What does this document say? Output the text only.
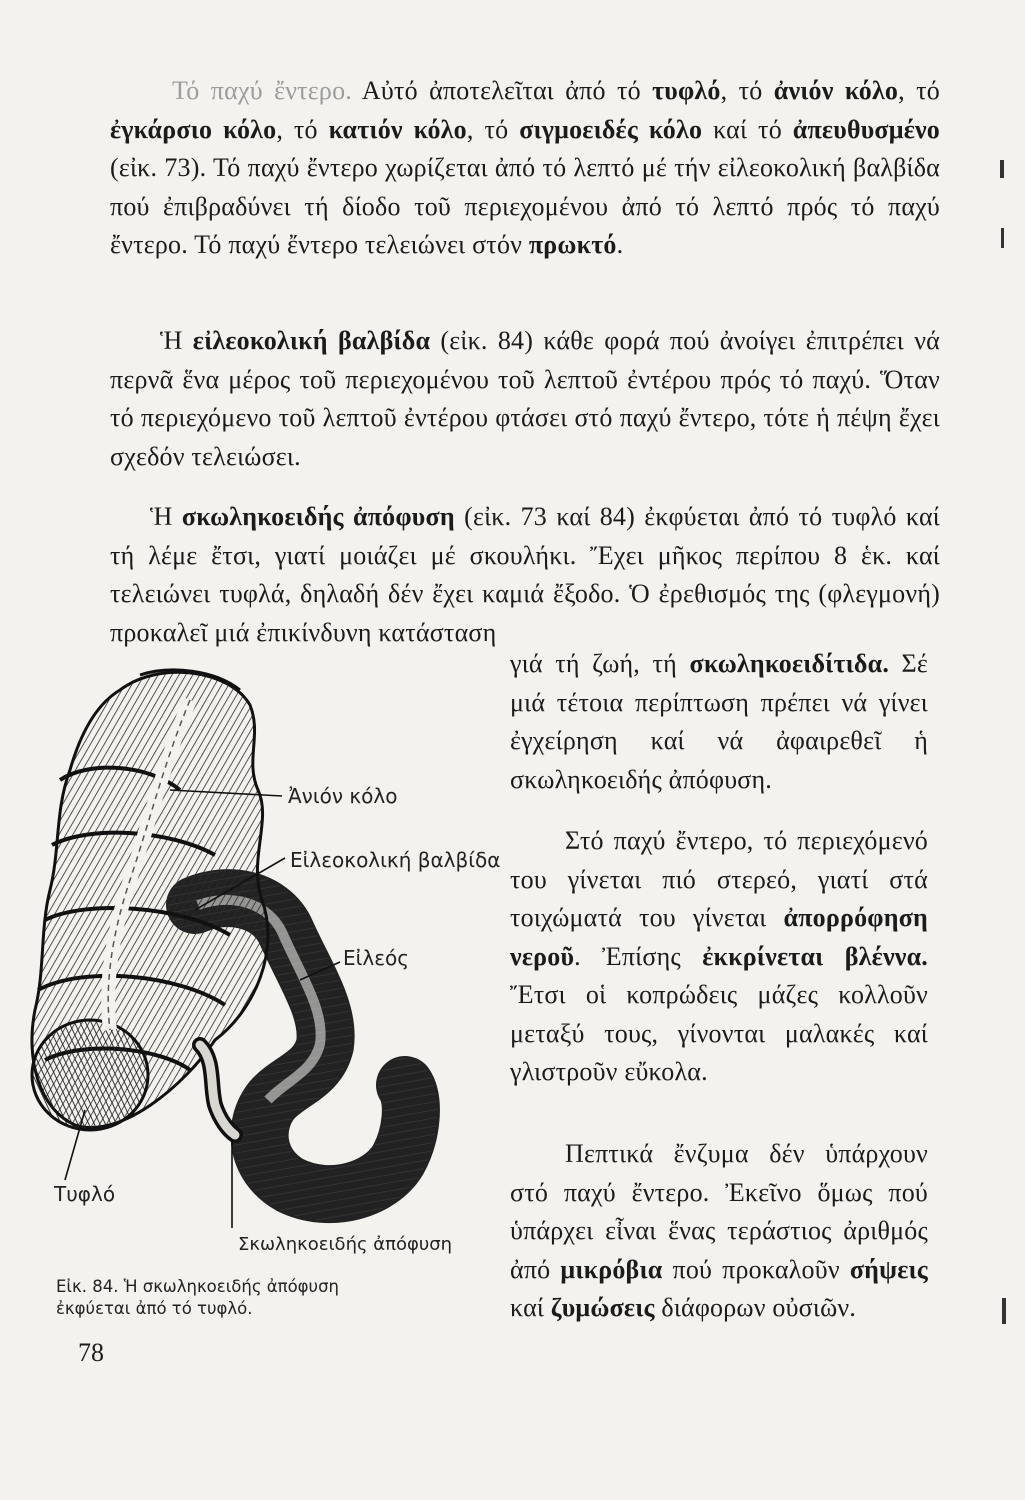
Τό παχύ ἔντερο. Αὐτό ἀποτελεῖται ἀπό τό τυφλό, τό ἀνιόν κόλο, τό ἐγκάρσιο κόλο, τό κατιόν κόλο, τό σιγμοειδές κόλο καί τό ἀπευθυσμένο (εἰκ. 73). Τό παχύ ἔντερο χωρίζεται ἀπό τό λεπτό μέ τήν εἰλεοκολική βαλβίδα πού ἐπιβραδύνει τή δίοδο τοῦ περιεχομένου ἀπό τό λεπτό πρός τό παχύ ἔντερο. Τό παχύ ἔντερο τελειώνει στόν πρωκτό.
Ἡ εἰλεοκολική βαλβίδα (εἰκ. 84) κάθε φορά πού ἀνοίγει ἐπιτρέπει νά περνᾶ ἕνα μέρος τοῦ περιεχομένου τοῦ λεπτοῦ ἐντέρου πρός τό παχύ. Ὅταν τό περιεχόμενο τοῦ λεπτοῦ ἐντέρου φτάσει στό παχύ ἔντερο, τότε ἡ πέψη ἔχει σχεδόν τελειώσει.
Ἡ σκωληκοειδής ἀπόφυση (εἰκ. 73 καί 84) ἐκφύεται ἀπό τό τυφλό καί τή λέμε ἔτσι, γιατί μοιάζει μέ σκουλήκι. Ἔχει μῆκος περίπου 8 ἑκ. καί τελειώνει τυφλά, δηλαδή δέν ἔχει καμιά ἔξοδο. Ὁ ἐρεθισμός της (φλεγμονή) προκαλεῖ μιά ἐπικίνδυνη κατάσταση
γιά τή ζωή, τή σκωληκοειδίτιδα. Σέ μιά τέτοια περίπτωση πρέπει νά γίνει ἐγχείρηση καί νά ἀφαιρεθεῖ ἡ σκωληκοειδής ἀπόφυση.
Στό παχύ ἔντερο, τό περιεχόμενό του γίνεται πιό στερεό, γιατί στά τοιχώματά του γίνεται ἀπορρόφηση νεροῦ. Ἐπίσης ἐκκρίνεται βλέννα. Ἔτσι οἱ κοπρώδεις μάζες κολλοῦν μεταξύ τους, γίνονται μαλακές καί γλιστροῦν εὔκολα.
Πεπτικά ἔνζυμα δέν ὑπάρχουν στό παχύ ἔντερο. Ἐκεῖνο ὅμως πού ὑπάρχει εἶναι ἕνας τεράστιος ἀριθμός ἀπό μικρόβια πού προκαλοῦν σήψεις καί ζυμώσεις διάφορων οὐσιῶν.
Ἀνιόν κόλο
Εἰλεοκολική βαλβίδα
Εἰλεός
Τυφλό
Σκωληκοειδής ἀπόφυση
Εἰκ. 84. Ἡ σκωληκοειδής ἀπόφυση
ἐκφύεται ἀπό τό τυφλό.
78
